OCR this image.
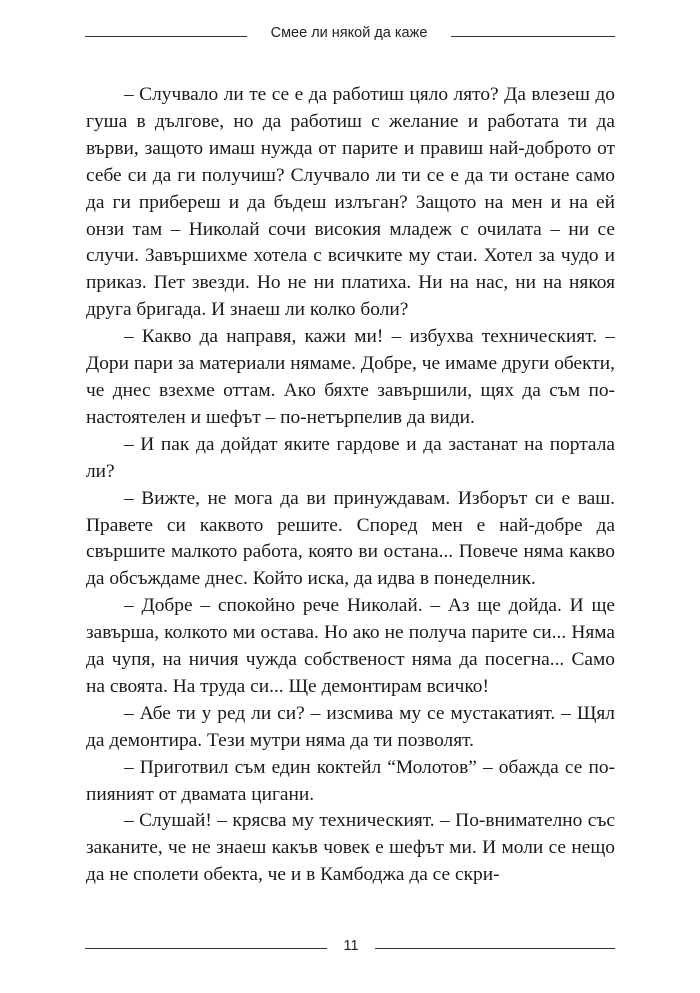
Смее ли някой да каже

– Случвало ли те се е да работиш цяло лято? Да влезеш до гуша в дългове, но да работиш с желание и работата ти да върви, защото имаш нужда от парите и правиш най-доброто от себе си да ги получиш? Случвало ли ти се е да ти остане само да ги прибереш и да бъдеш излъган? Защото на мен и на ей онзи там – Николай сочи високия младеж с очилата – ни се случи. Завършихме хотела с всичките му стаи. Хотел за чудо и приказ. Пет звезди. Но не ни платиха. Ни на нас, ни на някоя друга бригада. И знаеш ли колко боли?

– Какво да направя, кажи ми! – избухва техническият. – Дори пари за материали нямаме. Добре, че имаме други обекти, че днес взехме оттам. Ако бяхте завършили, щях да съм по-настоятелен и шефът – по-нетърпелив да види.

– И пак да дойдат якитe гардове и да застанат на портала ли?

– Вижте, не мога да ви принуждавам. Изборът си е ваш. Правете си каквото решите. Според мен е най-добре да свършите малкото работа, която ви остана... Повече няма какво да обсъждаме днес. Който иска, да идва в понеделник.

– Добре – спокойно рече Николай. – Аз ще дойда. И ще завърша, колкото ми остава. Но ако не получа парите си... Няма да чупя, на ничия чужда собственост няма да посегна... Само на своята. На труда си... Ще демонтирам всичко!

– Абе ти у ред ли си? – изсмива му се мустакатият. – Щял да демонтира. Тези мутри няма да ти позволят.

– Приготвил съм един коктейл “Молотов” – обажда се по-пияният от двамата цигани.

– Слушай! – крясва му техническият. – По-внимателно със заканите, че не знаеш какъв човек е шефът ми. И моли се нещо да не сполети обекта, че и в Камбоджа да се скри-

11
